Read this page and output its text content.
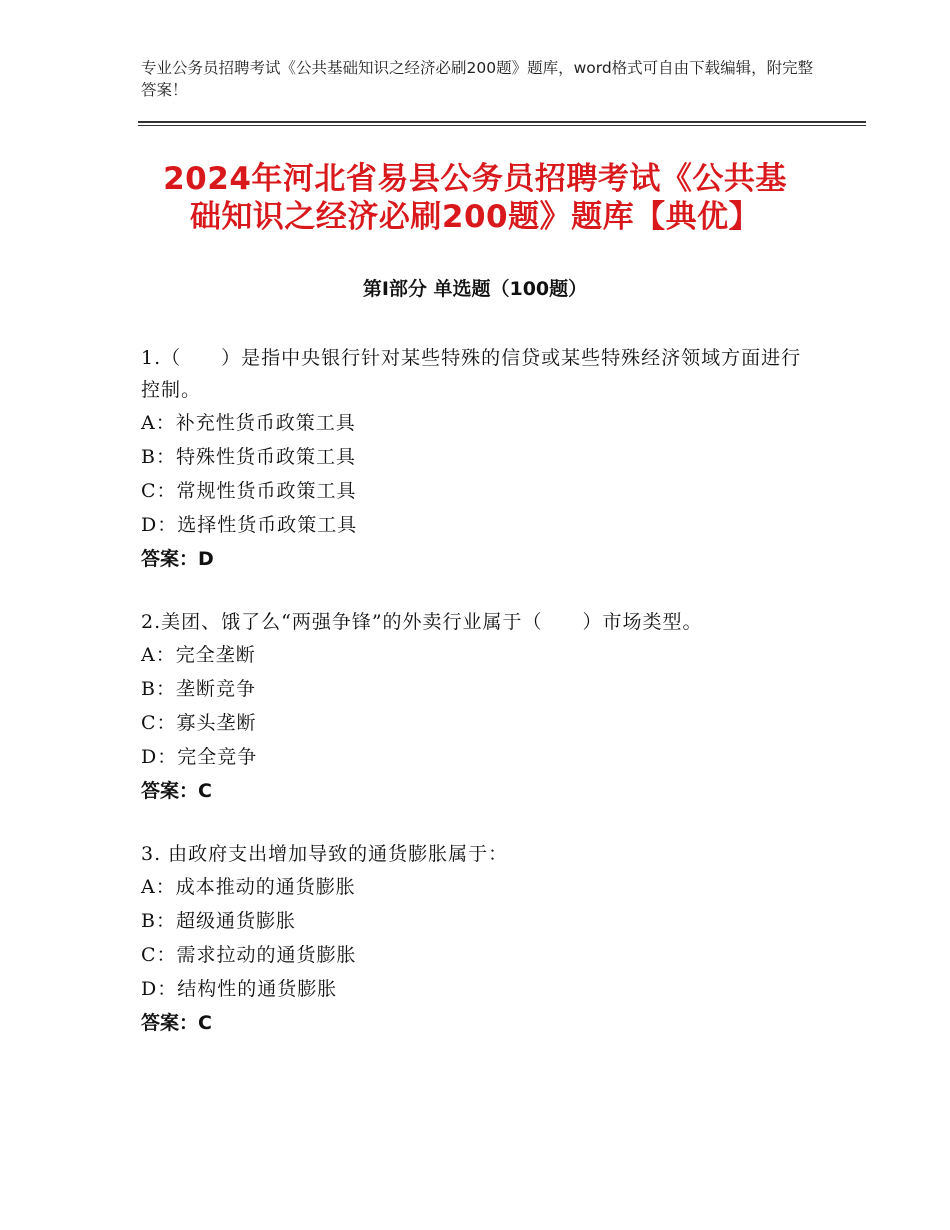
专业公务员招聘考试《公共基础知识之经济必刷200题》题库，word格式可自由下载编辑，附完整答案！
2024年河北省易县公务员招聘考试《公共基
础知识之经济必刷200题》题库【典优】
第Ⅰ部分 单选题（100题）
1.（　　）是指中央银行针对某些特殊的信贷或某些特殊经济领域方面进行控制。
A：补充性货币政策工具
B：特殊性货币政策工具
C：常规性货币政策工具
D：选择性货币政策工具
答案：D
2.美团、饿了么“两强争锋”的外卖行业属于（　　）市场类型。
A：完全垄断
B：垄断竞争
C：寡头垄断
D：完全竞争
答案：C
3. 由政府支出增加导致的通货膨胀属于：
A：成本推动的通货膨胀
B：超级通货膨胀
C：需求拉动的通货膨胀
D：结构性的通货膨胀
答案：C
